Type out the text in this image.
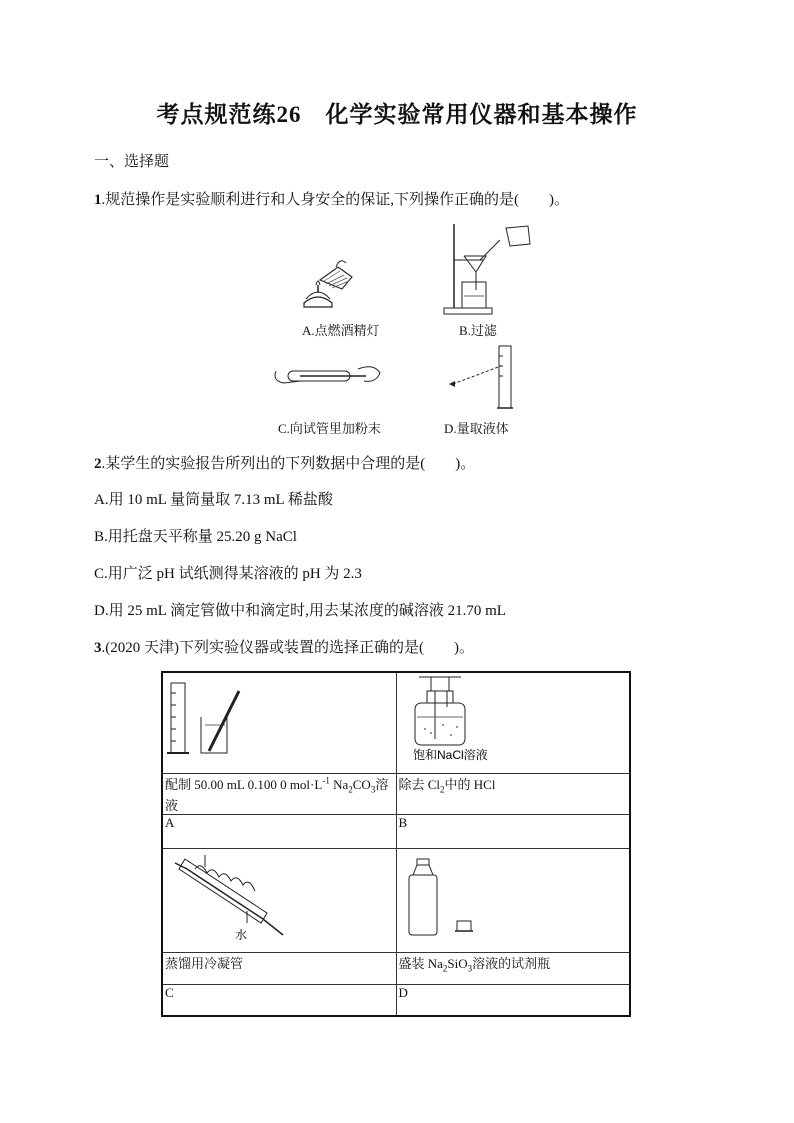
考点规范练26　化学实验常用仪器和基本操作
一、选择题
1.规范操作是实验顺利进行和人身安全的保证,下列操作正确的是(　　)。
A.点燃酒精灯	B.过滤
C.向试管里加粉末	D.量取液体
2.某学生的实验报告所列出的下列数据中合理的是(　　)。
A.用 10 mL 量筒量取 7.13 mL 稀盐酸
B.用托盘天平称量 25.20 g NaCl
C.用广泛 pH 试纸测得某溶液的 pH 为 2.3
D.用 25 mL 滴定管做中和滴定时,用去某浓度的碱溶液 21.70 mL
3.(2020 天津)下列实验仪器或装置的选择正确的是(　　)。

饱和NaCl溶液

配制 50.00 mL 0.100 0 $mol\cdot L^{-1}$ $Na_2CO_3$溶液	除去 $Cl_2$中的 HCl
A	B

水

蒸馏用冷凝管	盛装 $Na_2SiO_3$溶液的试剂瓶
C	D
